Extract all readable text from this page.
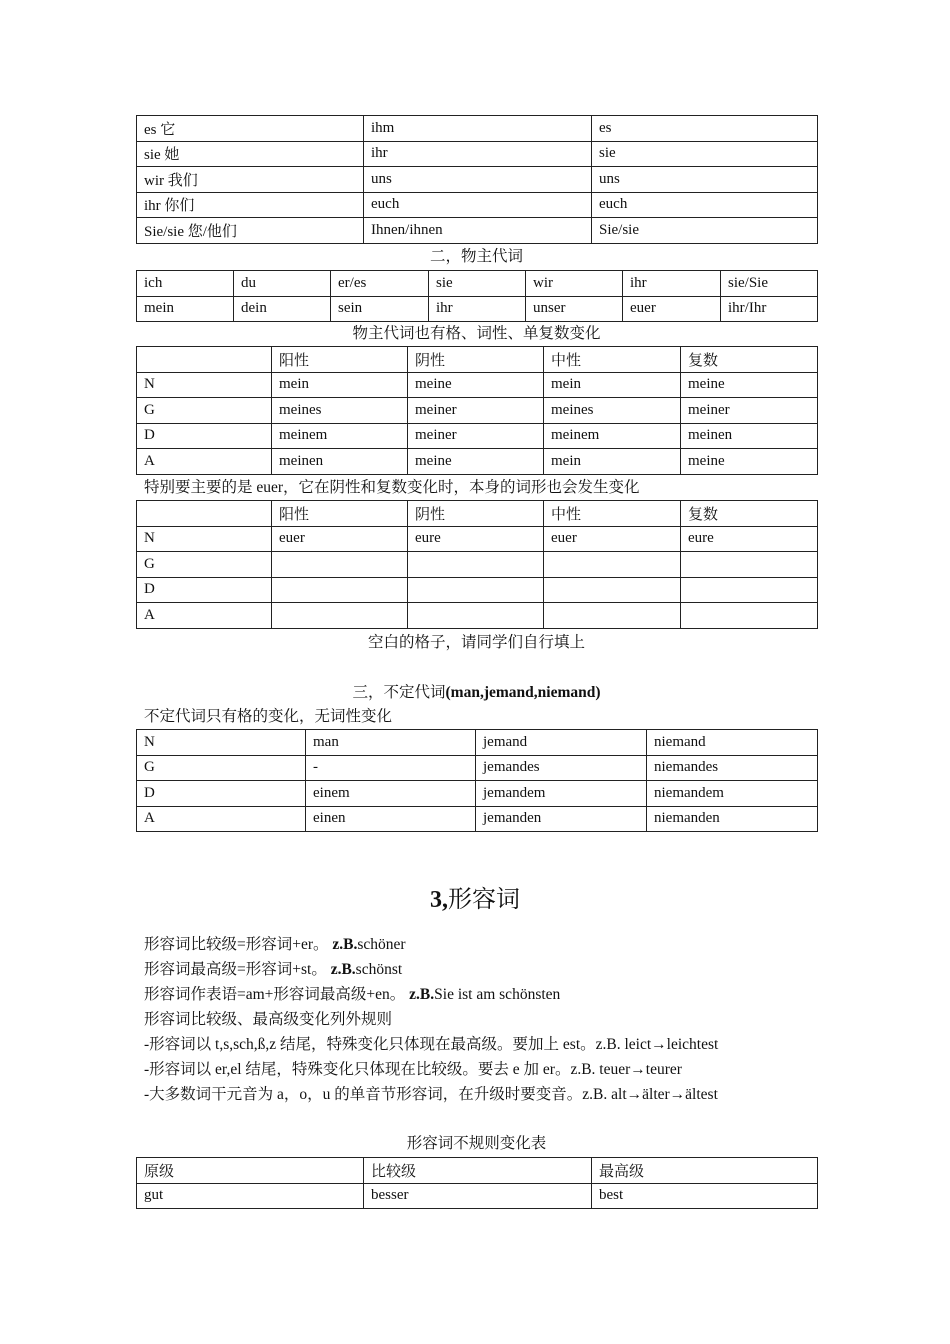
es 它	ihm	es
sie 她	ihr	sie
wir 我们	uns	uns
ihr 你们	euch	euch
Sie/sie 您/他们	Ihnen/ihnen	Sie/sie
二，物主代词
ich	du	er/es	sie	wir	ihr	sie/Sie
mein	dein	sein	ihr	unser	euer	ihr/Ihr
物主代词也有格、词性、单复数变化
	阳性	阴性	中性	复数
N	mein	meine	mein	meine
G	meines	meiner	meines	meiner
D	meinem	meiner	meinem	meinen
A	meinen	meine	mein	meine
特别要主要的是 euer，它在阴性和复数变化时，本身的词形也会发生变化
	阳性	阴性	中性	复数
N	euer	eure	euer	eure
G				
D				
A				
空白的格子，请同学们自行填上
三，不定代词(man,jemand,niemand)
不定代词只有格的变化，无词性变化
N	man	jemand	niemand
G	-	jemandes	niemandes
D	einem	jemandem	niemandem
A	einen	jemanden	niemanden
3,形容词
形容词比较级=形容词+er。 z.B.schöner
形容词最高级=形容词+st。 z.B.schönst
形容词作表语=am+形容词最高级+en。 z.B.Sie ist am schönsten
形容词比较级、最高级变化列外规则
-形容词以 t,s,sch,ß,z 结尾，特殊变化只体现在最高级。要加上 est。z.B. leict→leichtest
-形容词以 er,el 结尾，特殊变化只体现在比较级。要去 e 加 er。z.B. teuer→teurer
-大多数词干元音为 a，o，u 的单音节形容词，在升级时要变音。z.B. alt→älter→ältest
形容词不规则变化表
原级	比较级	最高级
gut	besser	best
